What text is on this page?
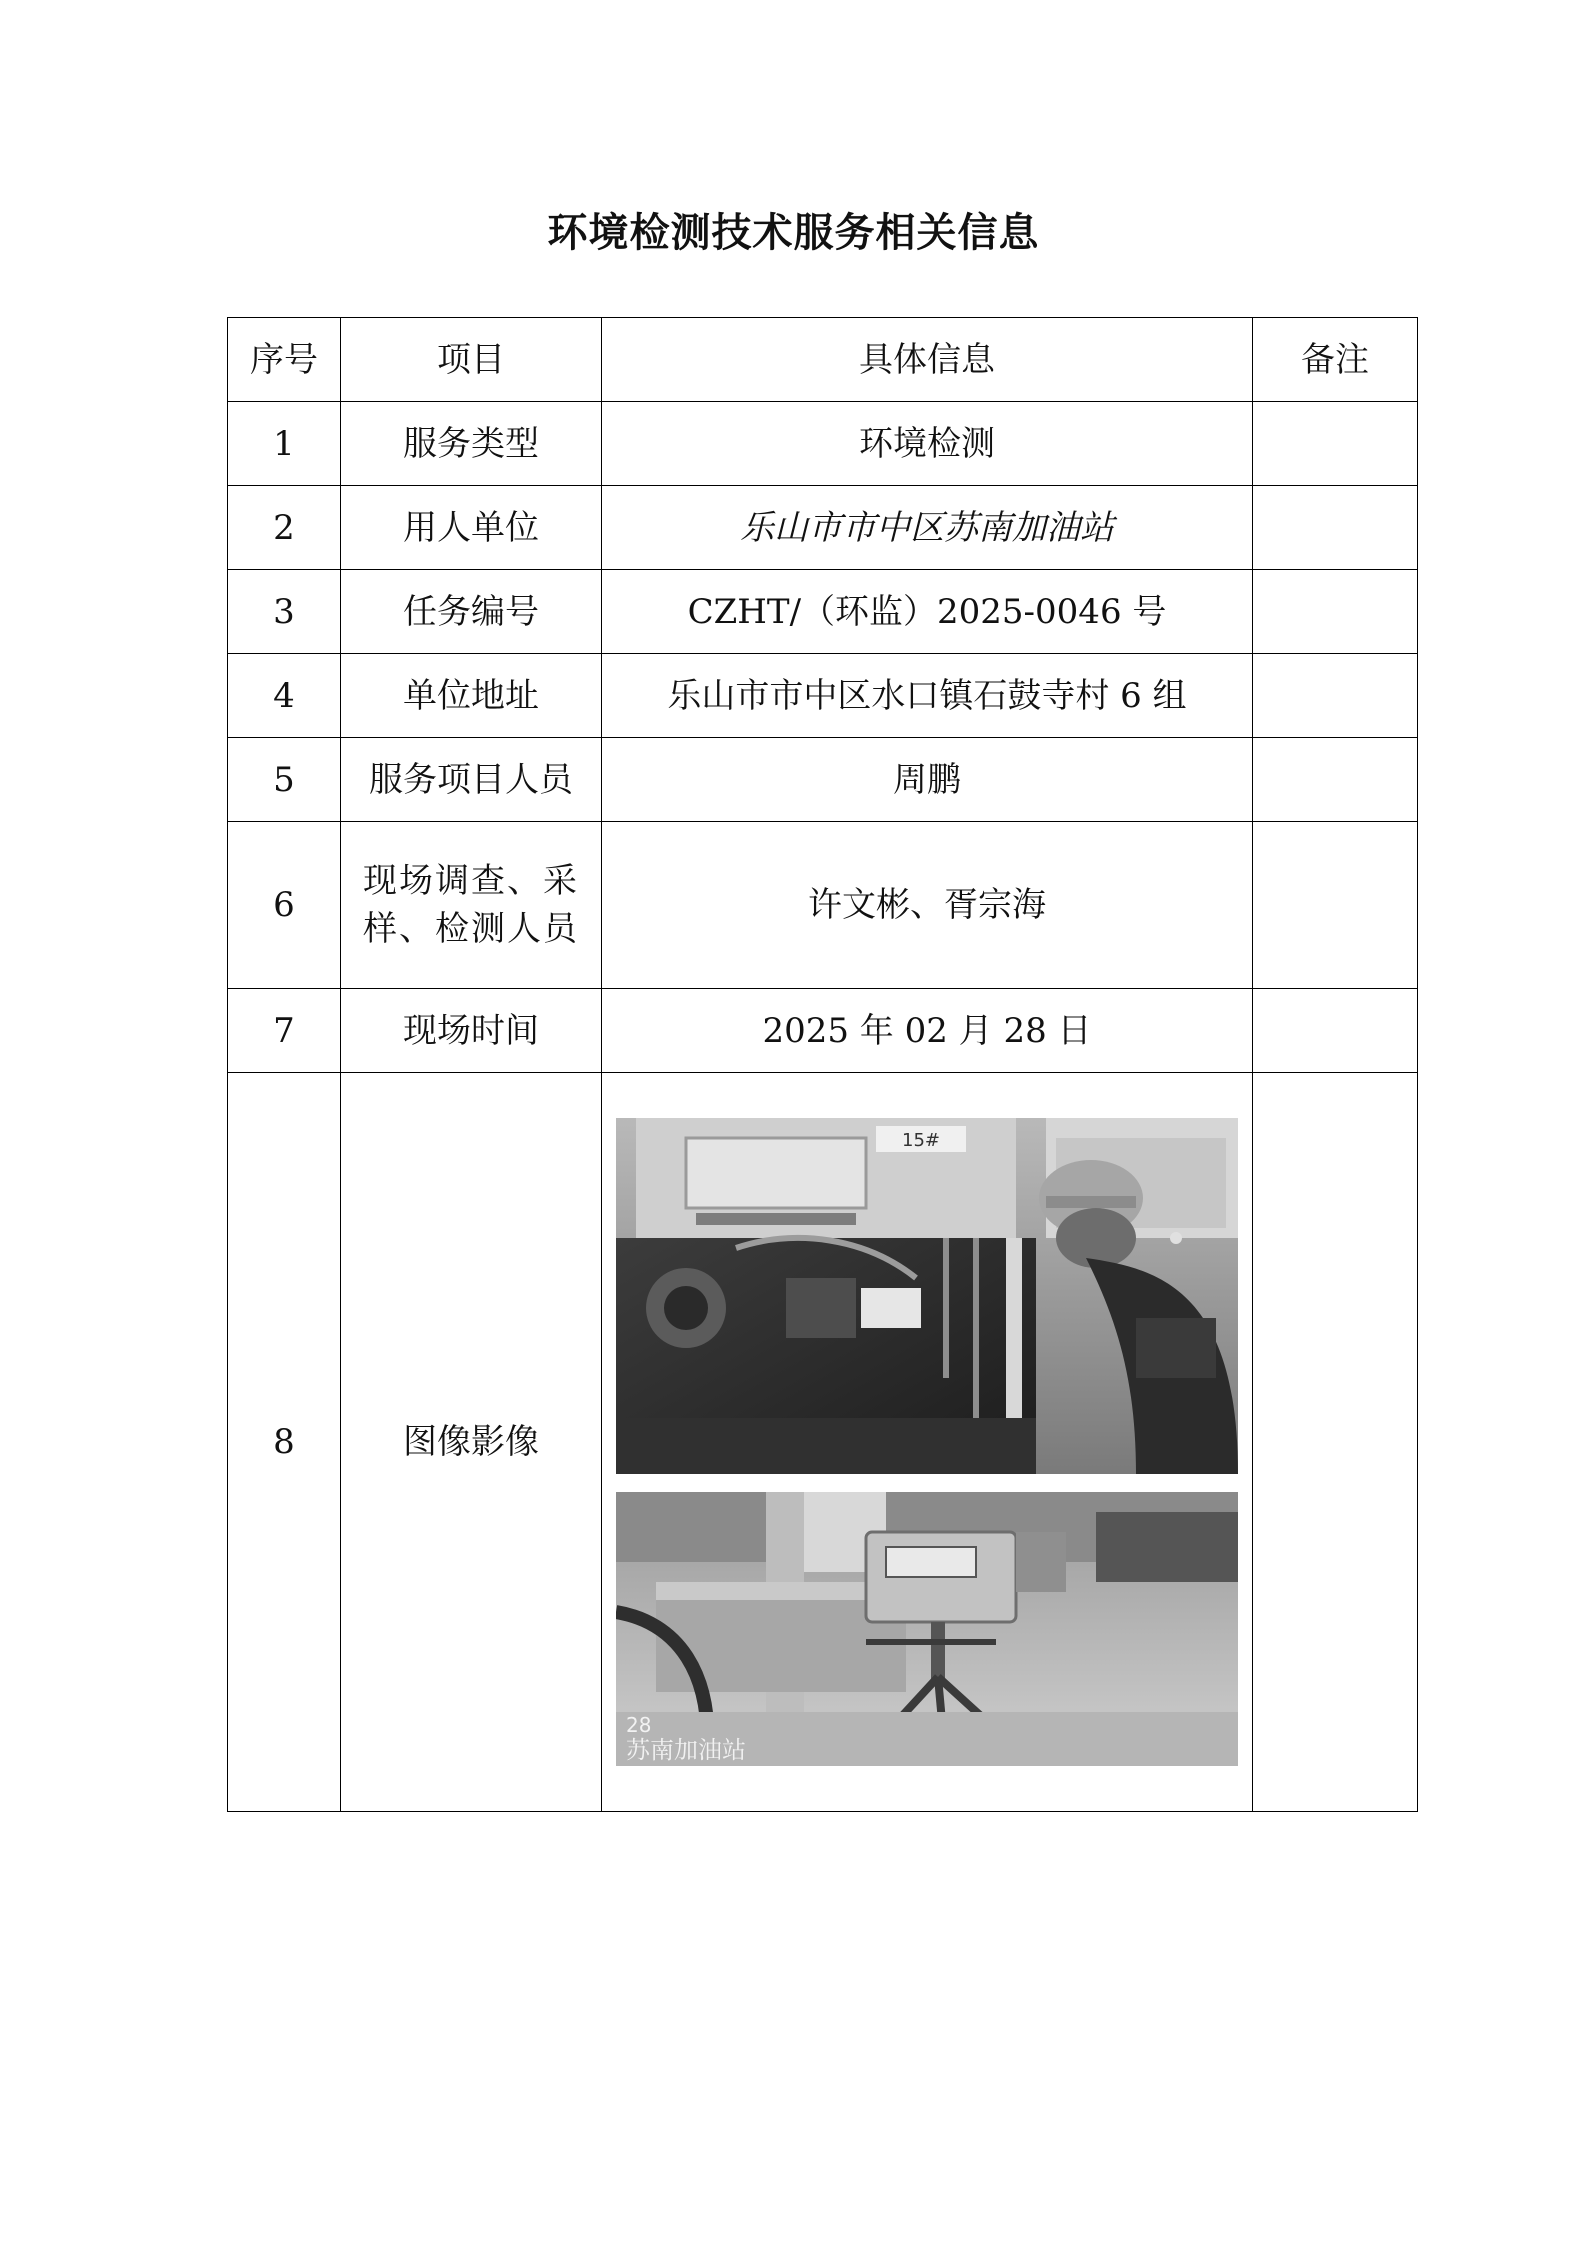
环境检测技术服务相关信息
序号	项目	具体信息	备注
1	服务类型	环境检测	
2	用人单位	乐山市市中区苏南加油站	
3	任务编号	CZHT/（环监）2025-0046 号	
4	单位地址	乐山市市中区水口镇石鼓寺村 6 组	
5	服务项目人员	周鹏	
6	现场调查、采样、检测人员	许文彬、胥宗海	
7	现场时间	2025 年 02 月 28 日	
8	图像影像	15#
28
苏南加油站	
